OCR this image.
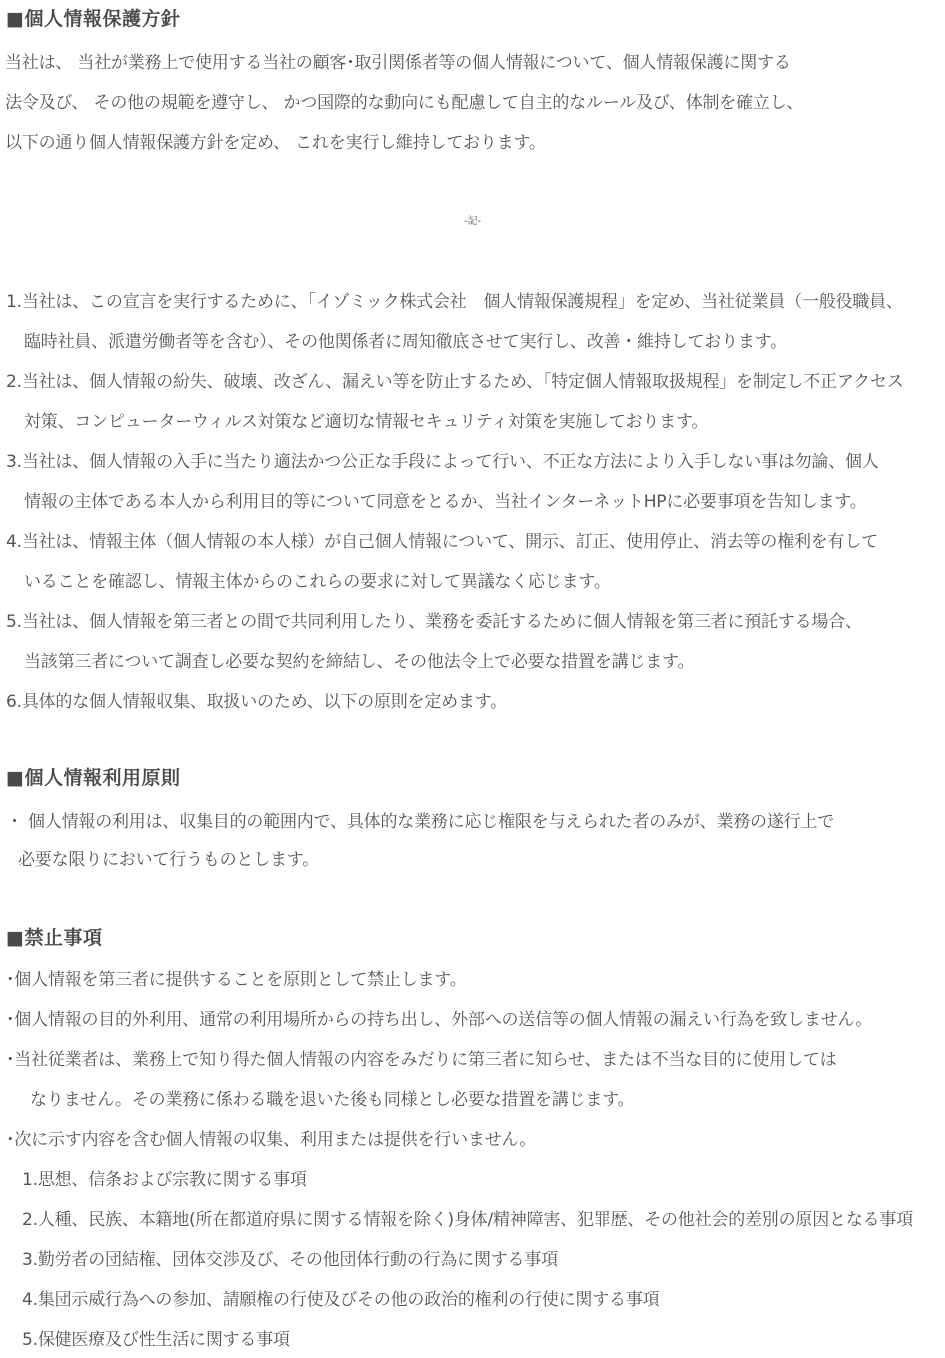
■個人情報保護方針
当社は、 当社が業務上で使用する当社の顧客･取引関係者等の個人情報について、個人情報保護に関する
法令及び、 その他の規範を遵守し、 かつ国際的な動向にも配慮して自主的なルール及び、体制を確立し、
以下の通り個人情報保護方針を定め、 これを実行し維持しております。
-記-
1.当社は、この宣言を実行するために、「イゾミック株式会社　個人情報保護規程」を定め、当社従業員（一般役職員、
臨時社員、派遣労働者等を含む）、その他関係者に周知徹底させて実行し、改善・維持しております。
2.当社は、個人情報の紛失、破壊、改ざん、漏えい等を防止するため、「特定個人情報取扱規程」を制定し不正アクセス
対策、コンピューターウィルス対策など適切な情報セキュリティ対策を実施しております。
3.当社は、個人情報の入手に当たり適法かつ公正な手段によって行い、不正な方法により入手しない事は勿論、個人
情報の主体である本人から利用目的等について同意をとるか、当社インターネットHPに必要事項を告知します。
4.当社は、情報主体（個人情報の本人様）が自己個人情報について、開示、訂正、使用停止、消去等の権利を有して
いることを確認し、情報主体からのこれらの要求に対して異議なく応じます。
5.当社は、個人情報を第三者との間で共同利用したり、業務を委託するために個人情報を第三者に預託する場合、
当該第三者について調査し必要な契約を締結し、その他法令上で必要な措置を講じます。
6.具体的な個人情報収集、取扱いのため、以下の原則を定めます。
■個人情報利用原則
・ 個人情報の利用は、収集目的の範囲内で、具体的な業務に応じ権限を与えられた者のみが、業務の遂行上で
必要な限りにおいて行うものとします。
■禁止事項
･個人情報を第三者に提供することを原則として禁止します。
･個人情報の目的外利用、通常の利用場所からの持ち出し、外部への送信等の個人情報の漏えい行為を致しません。
･当社従業者は、業務上で知り得た個人情報の内容をみだりに第三者に知らせ、または不当な目的に使用しては
なりません。その業務に係わる職を退いた後も同様とし必要な措置を講じます。
･次に示す内容を含む個人情報の収集、利用または提供を行いません。
1.思想、信条および宗教に関する事項
2.人種、民族、本籍地(所在都道府県に関する情報を除く)身体/精神障害、犯罪歴、その他社会的差別の原因となる事項
3.勤労者の団結権、団体交渉及び、その他団体行動の行為に関する事項
4.集団示威行為への参加、請願権の行使及びその他の政治的権利の行使に関する事項
5.保健医療及び性生活に関する事項
